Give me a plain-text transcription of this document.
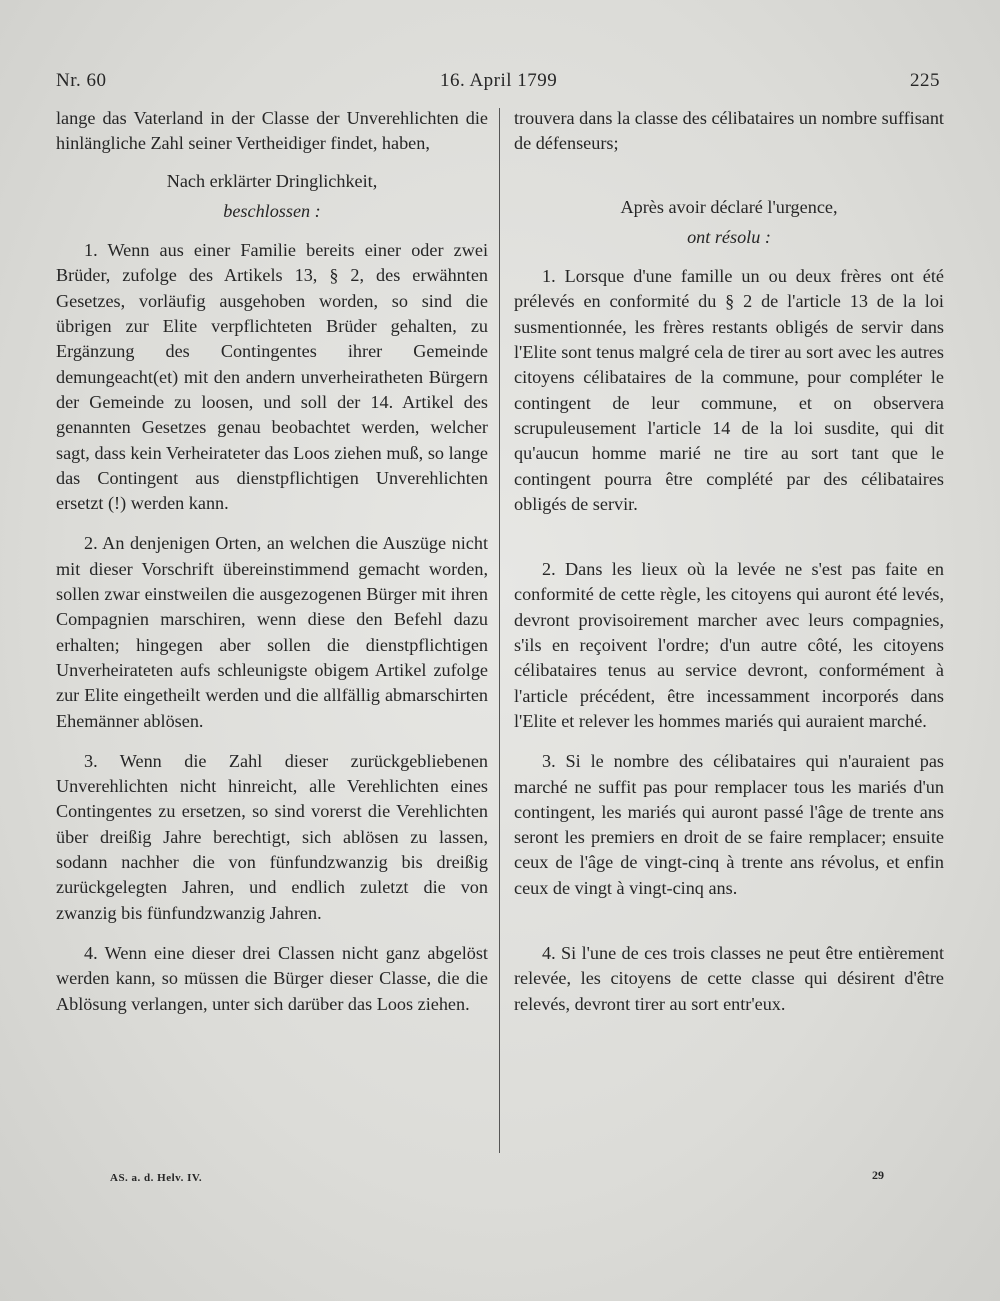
Nr. 60	16. April 1799	225

lange das Vaterland in der Classe der Unverehlichten die hinlängliche Zahl seiner Vertheidiger findet, haben,

Nach erklärter Dringlichkeit,

beschlossen :

1. Wenn aus einer Familie bereits einer oder zwei Brüder, zufolge des Artikels 13, § 2, des erwähnten Gesetzes, vorläufig ausgehoben worden, so sind die übrigen zur Elite verpflichteten Brüder gehalten, zu Ergänzung des Contingentes ihrer Gemeinde demungeacht(et) mit den andern unverheiratheten Bürgern der Gemeinde zu loosen, und soll der 14. Artikel des genannten Gesetzes genau beobachtet werden, welcher sagt, dass kein Verheirateter das Loos ziehen muß, so lange das Contingent aus dienstpflichtigen Unverehlichten ersetzt (!) werden kann.

2. An denjenigen Orten, an welchen die Auszüge nicht mit dieser Vorschrift übereinstimmend gemacht worden, sollen zwar einstweilen die ausgezogenen Bürger mit ihren Compagnien marschiren, wenn diese den Befehl dazu erhalten; hingegen aber sollen die dienstpflichtigen Unverheirateten aufs schleunigste obigem Artikel zufolge zur Elite eingetheilt werden und die allfällig abmarschirten Ehemänner ablösen.

3. Wenn die Zahl dieser zurückgebliebenen Unverehlichten nicht hinreicht, alle Verehlichten eines Contingentes zu ersetzen, so sind vorerst die Verehlichten über dreißig Jahre berechtigt, sich ablösen zu lassen, sodann nachher die von fünfundzwanzig bis dreißig zurückgelegten Jahren, und endlich zuletzt die von zwanzig bis fünfundzwanzig Jahren.

4. Wenn eine dieser drei Classen nicht ganz abgelöst werden kann, so müssen die Bürger dieser Classe, die die Ablösung verlangen, unter sich darüber das Loos ziehen.

trouvera dans la classe des célibataires un nombre suffisant de défenseurs;

Après avoir déclaré l'urgence,

ont résolu :

1. Lorsque d'une famille un ou deux frères ont été prélevés en conformité du § 2 de l'article 13 de la loi susmentionnée, les frères restants obligés de servir dans l'Elite sont tenus malgré cela de tirer au sort avec les autres citoyens célibataires de la commune, pour compléter le contingent de leur commune, et on observera scrupuleusement l'article 14 de la loi susdite, qui dit qu'aucun homme marié ne tire au sort tant que le contingent pourra être complété par des célibataires obligés de servir.

2. Dans les lieux où la levée ne s'est pas faite en conformité de cette règle, les citoyens qui auront été levés, devront provisoirement marcher avec leurs compagnies, s'ils en reçoivent l'ordre; d'un autre côté, les citoyens célibataires tenus au service devront, conformément à l'article précédent, être incessamment incorporés dans l'Elite et relever les hommes mariés qui auraient marché.

3. Si le nombre des célibataires qui n'auraient pas marché ne suffit pas pour remplacer tous les mariés d'un contingent, les mariés qui auront passé l'âge de trente ans seront les premiers en droit de se faire remplacer; ensuite ceux de l'âge de vingt-cinq à trente ans révolus, et enfin ceux de vingt à vingt-cinq ans.

4. Si l'une de ces trois classes ne peut être entièrement relevée, les citoyens de cette classe qui désirent d'être relevés, devront tirer au sort entr'eux.

AS. a. d. Helv. IV.	29
